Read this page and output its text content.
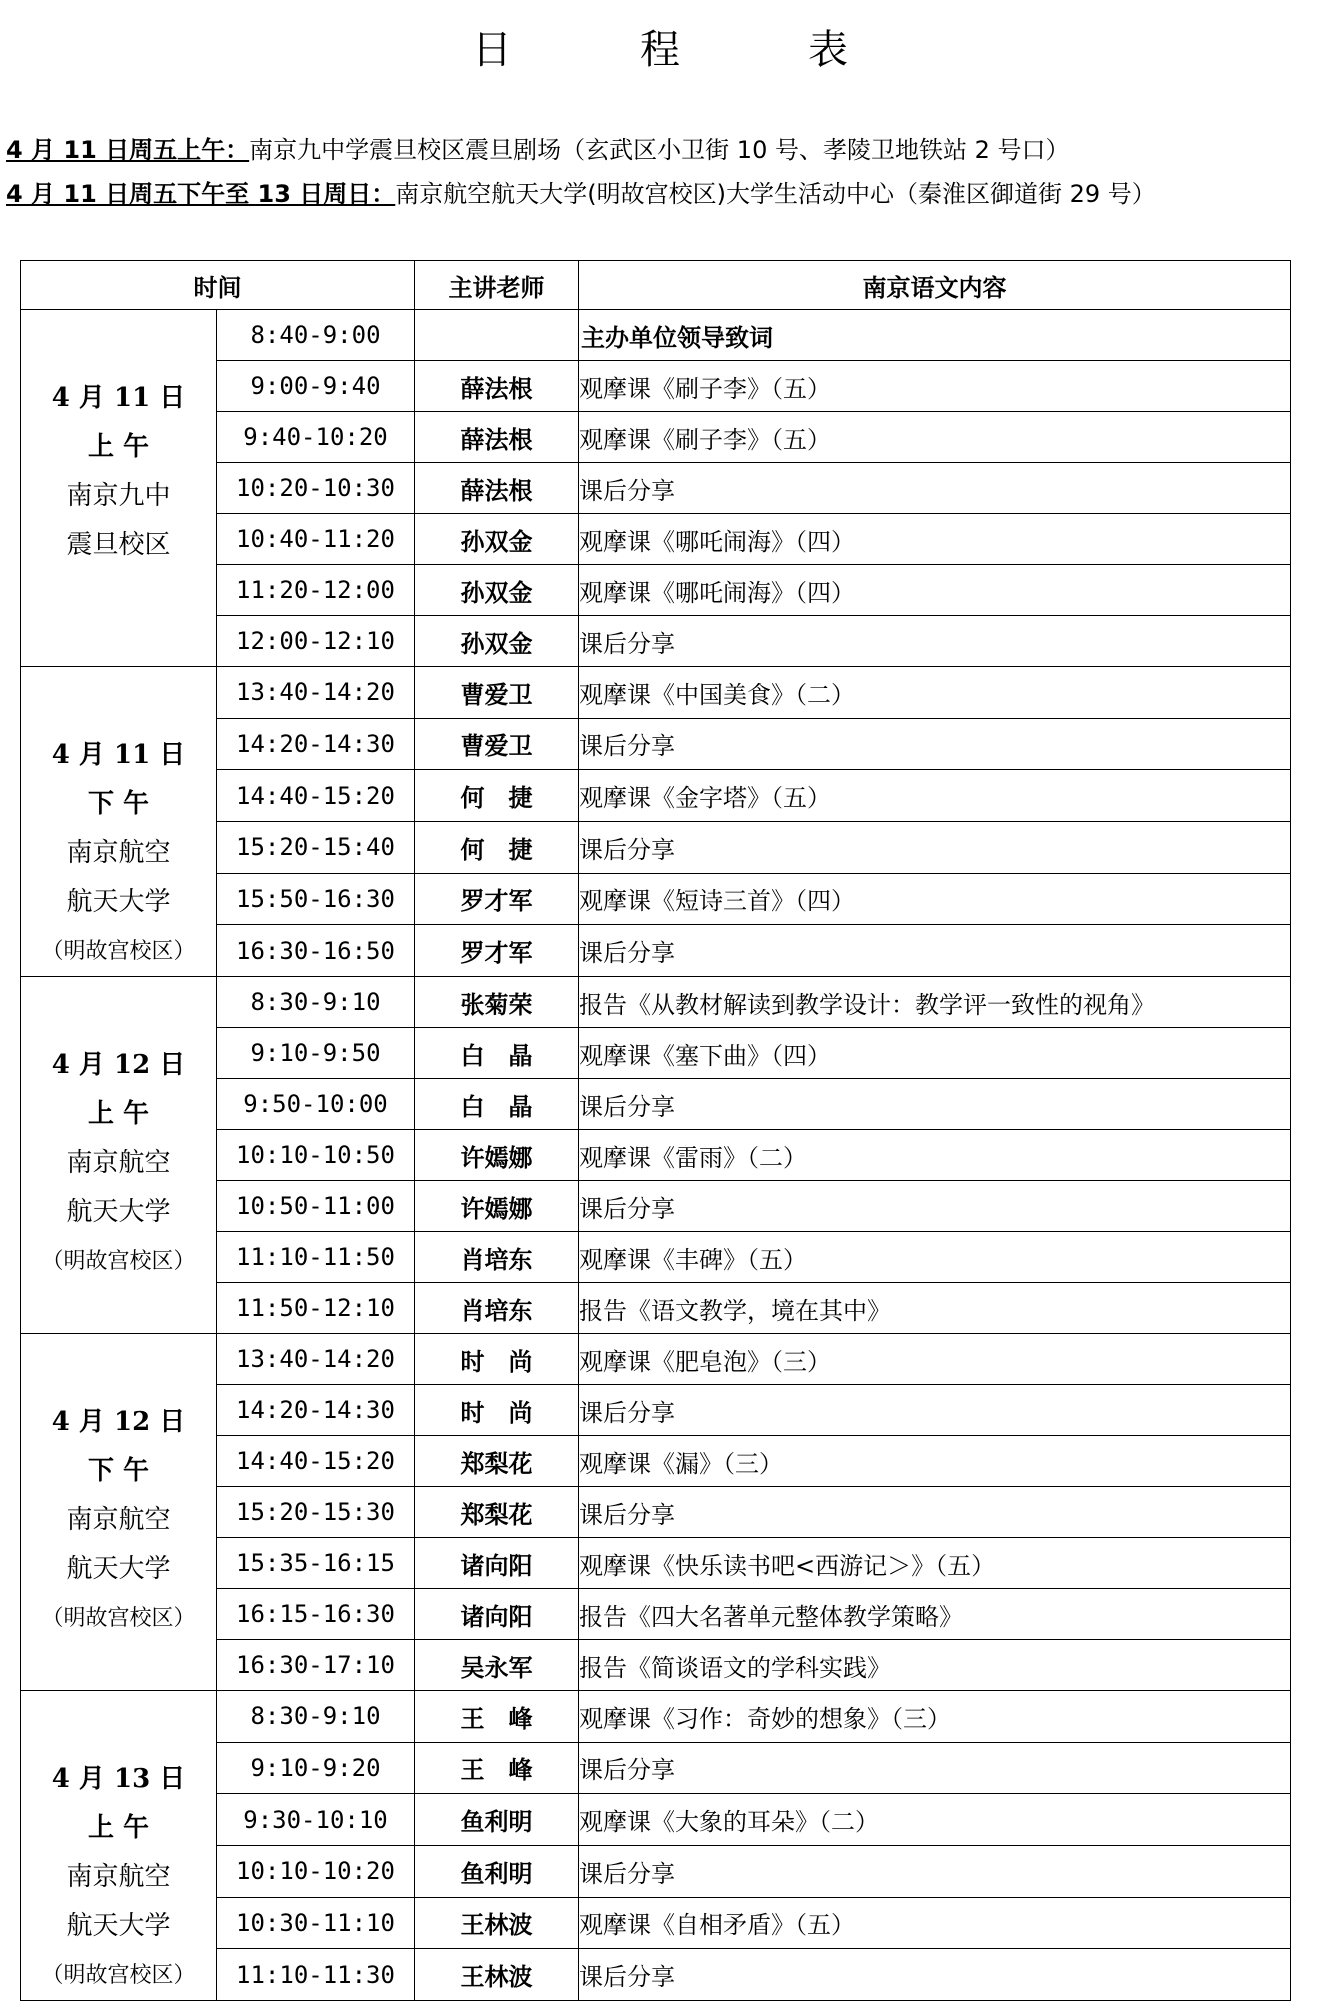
日　程　表
4 月 11 日周五上午：南京九中学震旦校区震旦剧场（玄武区小卫街 10 号、孝陵卫地铁站 2 号口）
4 月 11 日周五下午至 13 日周日：南京航空航天大学(明故宫校区)大学生活动中心（秦淮区御道街 29 号）
时间		主讲老师	南京语文内容

4 月 11 日
上 午
南京九中
震旦校区	8:40-9:00		主办单位领导致词
	9:00-9:40	薛法根	观摩课《刷子李》（五）
	9:40-10:20	薛法根	观摩课《刷子李》（五）
	10:20-10:30	薛法根	课后分享
	10:40-11:20	孙双金	观摩课《哪吒闹海》（四）
	11:20-12:00	孙双金	观摩课《哪吒闹海》（四）
	12:00-12:10	孙双金	课后分享

4 月 11 日
下 午
南京航空
航天大学
（明故宫校区）	13:40-14:20	曹爱卫	观摩课《中国美食》（二）
	14:20-14:30	曹爱卫	课后分享
	14:40-15:20	何　捷	观摩课《金字塔》（五）
	15:20-15:40	何　捷	课后分享
	15:50-16:30	罗才军	观摩课《短诗三首》（四）
	16:30-16:50	罗才军	课后分享

4 月 12 日
上 午
南京航空
航天大学
（明故宫校区）	8:30-9:10	张菊荣	报告《从教材解读到教学设计：教学评一致性的视角》
	9:10-9:50	白　晶	观摩课《塞下曲》（四）
	9:50-10:00	白　晶	课后分享
	10:10-10:50	许嫣娜	观摩课《雷雨》（二）
	10:50-11:00	许嫣娜	课后分享
	11:10-11:50	肖培东	观摩课《丰碑》（五）
	11:50-12:10	肖培东	报告《语文教学，境在其中》

4 月 12 日
下 午
南京航空
航天大学
（明故宫校区）	13:40-14:20	时　尚	观摩课《肥皂泡》（三）
	14:20-14:30	时　尚	课后分享
	14:40-15:20	郑梨花	观摩课《漏》（三）
	15:20-15:30	郑梨花	课后分享
	15:35-16:15	诸向阳	观摩课《快乐读书吧<西游记＞》（五）
	16:15-16:30	诸向阳	报告《四大名著单元整体教学策略》
	16:30-17:10	吴永军	报告《简谈语文的学科实践》

4 月 13 日
上 午
南京航空
航天大学
（明故宫校区）	8:30-9:10	王　峰	观摩课《习作：奇妙的想象》（三）
	9:10-9:20	王　峰	课后分享
	9:30-10:10	鱼利明	观摩课《大象的耳朵》（二）
	10:10-10:20	鱼利明	课后分享
	10:30-11:10	王林波	观摩课《自相矛盾》（五）
	11:10-11:30	王林波	课后分享
